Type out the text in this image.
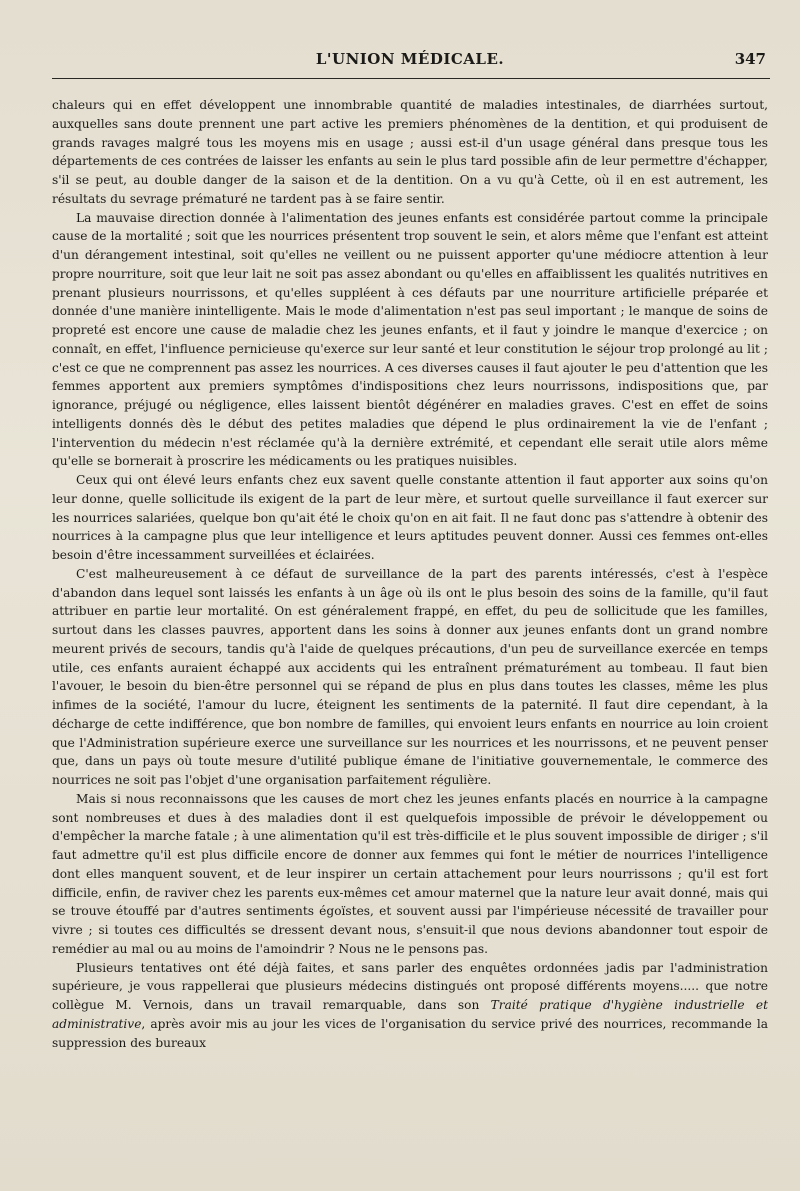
L'UNION MÉDICALE.	347

chaleurs qui en effet développent une innombrable quantité de maladies intestinales, de diarrhées surtout, auxquelles sans doute prennent une part active les premiers phénomènes de la dentition, et qui produisent de grands ravages malgré tous les moyens mis en usage ; aussi est-il d'un usage général dans presque tous les départements de ces contrées de laisser les enfants au sein le plus tard possible afin de leur permettre d'échapper, s'il se peut, au double danger de la saison et de la dentition. On a vu qu'à Cette, où il en est autrement, les résultats du sevrage prématuré ne tardent pas à se faire sentir.

La mauvaise direction donnée à l'alimentation des jeunes enfants est considérée partout comme la principale cause de la mortalité ; soit que les nourrices présentent trop souvent le sein, et alors même que l'enfant est atteint d'un dérangement intestinal, soit qu'elles ne veillent ou ne puissent apporter qu'une médiocre attention à leur propre nourriture, soit que leur lait ne soit pas assez abondant ou qu'elles en affaiblissent les qualités nutritives en prenant plusieurs nourrissons, et qu'elles suppléent à ces défauts par une nourriture artificielle préparée et donnée d'une manière inintelligente. Mais le mode d'alimentation n'est pas seul important ; le manque de soins de propreté est encore une cause de maladie chez les jeunes enfants, et il faut y joindre le manque d'exercice ; on connaît, en effet, l'influence pernicieuse qu'exerce sur leur santé et leur constitution le séjour trop prolongé au lit ; c'est ce que ne comprennent pas assez les nourrices. A ces diverses causes il faut ajouter le peu d'attention que les femmes apportent aux premiers symptômes d'indispositions chez leurs nourrissons, indispositions que, par ignorance, préjugé ou négligence, elles laissent bientôt dégénérer en maladies graves. C'est en effet de soins intelligents donnés dès le début des petites maladies que dépend le plus ordinairement la vie de l'enfant ; l'intervention du médecin n'est réclamée qu'à la dernière extrémité, et cependant elle serait utile alors même qu'elle se bornerait à proscrire les médicaments ou les pratiques nuisibles.

Ceux qui ont élevé leurs enfants chez eux savent quelle constante attention il faut apporter aux soins qu'on leur donne, quelle sollicitude ils exigent de la part de leur mère, et surtout quelle surveillance il faut exercer sur les nourrices salariées, quelque bon qu'ait été le choix qu'on en ait fait. Il ne faut donc pas s'attendre à obtenir des nourrices à la campagne plus que leur intelligence et leurs aptitudes peuvent donner. Aussi ces femmes ont-elles besoin d'être incessamment surveillées et éclairées.

C'est malheureusement à ce défaut de surveillance de la part des parents intéressés, c'est à l'espèce d'abandon dans lequel sont laissés les enfants à un âge où ils ont le plus besoin des soins de la famille, qu'il faut attribuer en partie leur mortalité. On est généralement frappé, en effet, du peu de sollicitude que les familles, surtout dans les classes pauvres, apportent dans les soins à donner aux jeunes enfants dont un grand nombre meurent privés de secours, tandis qu'à l'aide de quelques précautions, d'un peu de surveillance exercée en temps utile, ces enfants auraient échappé aux accidents qui les entraînent prématurément au tombeau. Il faut bien l'avouer, le besoin du bien-être personnel qui se répand de plus en plus dans toutes les classes, même les plus infimes de la société, l'amour du lucre, éteignent les sentiments de la paternité. Il faut dire cependant, à la décharge de cette indifférence, que bon nombre de familles, qui envoient leurs enfants en nourrice au loin croient que l'Administration supérieure exerce une surveillance sur les nourrices et les nourrissons, et ne peuvent penser que, dans un pays où toute mesure d'utilité publique émane de l'initiative gouvernementale, le commerce des nourrices ne soit pas l'objet d'une organisation parfaitement régulière.

Mais si nous reconnaissons que les causes de mort chez les jeunes enfants placés en nourrice à la campagne sont nombreuses et dues à des maladies dont il est quelquefois impossible de prévoir le développement ou d'empêcher la marche fatale ; à une alimentation qu'il est très-difficile et le plus souvent impossible de diriger ; s'il faut admettre qu'il est plus difficile encore de donner aux femmes qui font le métier de nourrices l'intelligence dont elles manquent souvent, et de leur inspirer un certain attachement pour leurs nourrissons ; qu'il est fort difficile, enfin, de raviver chez les parents eux-mêmes cet amour maternel que la nature leur avait donné, mais qui se trouve étouffé par d'autres sentiments égoïstes, et souvent aussi par l'impérieuse nécessité de travailler pour vivre ; si toutes ces difficultés se dressent devant nous, s'ensuit-il que nous devions abandonner tout espoir de remédier au mal ou au moins de l'amoindrir ? Nous ne le pensons pas.

Plusieurs tentatives ont été déjà faites, et sans parler des enquêtes ordonnées jadis par l'administration supérieure, je vous rappellerai que plusieurs médecins distingués ont proposé différents moyens..... que notre collègue M. Vernois, dans un travail remarquable, dans son Traité pratique d'hygiène industrielle et administrative, après avoir mis au jour les vices de l'organisation du service privé des nourrices, recommande la suppression des bureaux
